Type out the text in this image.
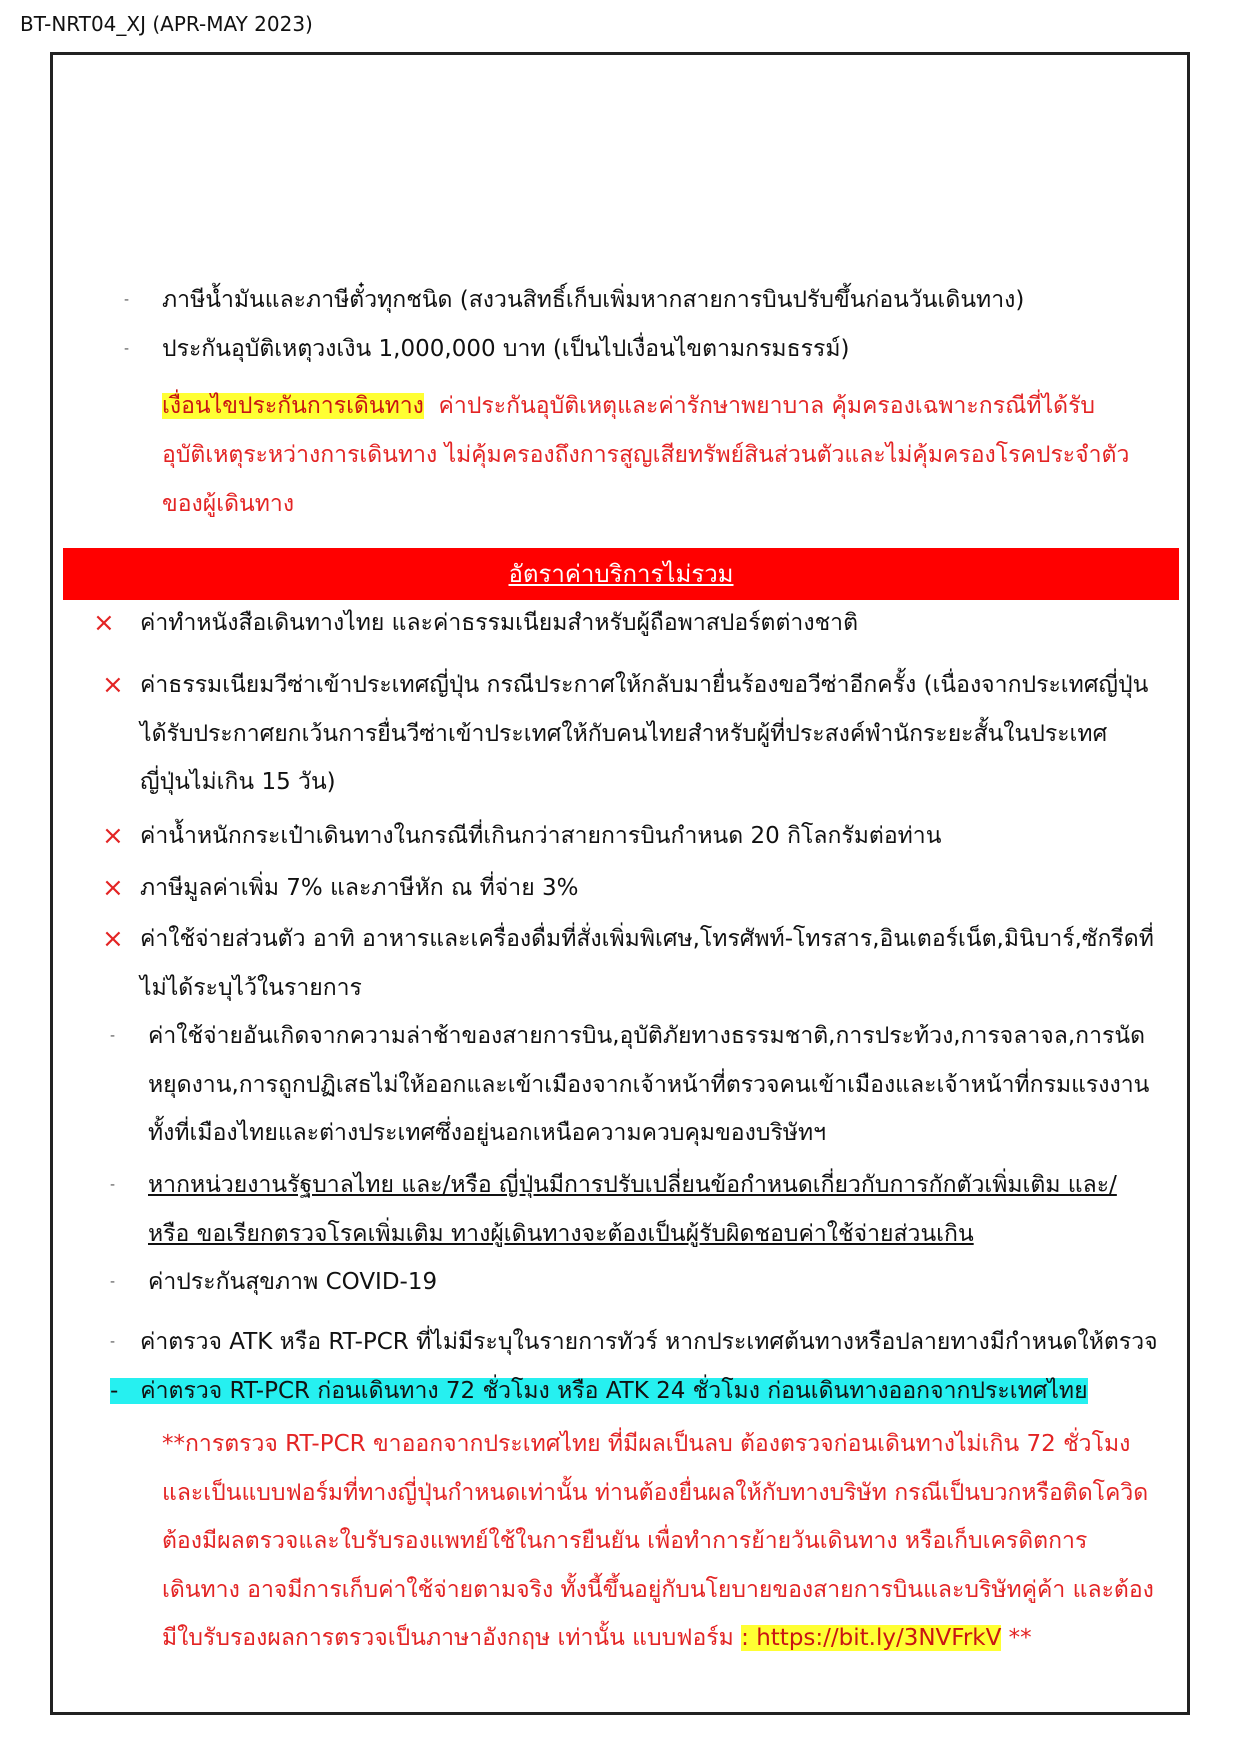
BT-NRT04_XJ (APR-MAY 2023)
- ภาษีน้ำมันและภาษีตั๋วทุกชนิด (สงวนสิทธิ์เก็บเพิ่มหากสายการบินปรับขึ้นก่อนวันเดินทาง)
- ประกันอุบัติเหตุวงเงิน 1,000,000 บาท (เป็นไปเงื่อนไขตามกรมธรรม์)
เงื่อนไขประกันการเดินทาง ค่าประกันอุบัติเหตุและค่ารักษาพยาบาล คุ้มครองเฉพาะกรณีที่ได้รับ
อุบัติเหตุระหว่างการเดินทาง ไม่คุ้มครองถึงการสูญเสียทรัพย์สินส่วนตัวและไม่คุ้มครองโรคประจำตัว
ของผู้เดินทาง
อัตราค่าบริการไม่รวม
× ค่าทำหนังสือเดินทางไทย และค่าธรรมเนียมสำหรับผู้ถือพาสปอร์ตต่างชาติ
× ค่าธรรมเนียมวีซ่าเข้าประเทศญี่ปุ่น กรณีประกาศให้กลับมายื่นร้องขอวีซ่าอีกครั้ง (เนื่องจากประเทศญี่ปุ่น
ได้รับประกาศยกเว้นการยื่นวีซ่าเข้าประเทศให้กับคนไทยสำหรับผู้ที่ประสงค์พำนักระยะสั้นในประเทศ
ญี่ปุ่นไม่เกิน 15 วัน)
× ค่าน้ำหนักกระเป๋าเดินทางในกรณีที่เกินกว่าสายการบินกำหนด 20 กิโลกรัมต่อท่าน
× ภาษีมูลค่าเพิ่ม 7% และภาษีหัก ณ ที่จ่าย 3%
× ค่าใช้จ่ายส่วนตัว อาทิ อาหารและเครื่องดื่มที่สั่งเพิ่มพิเศษ,โทรศัพท์-โทรสาร,อินเตอร์เน็ต,มินิบาร์,ซักรีดที่
ไม่ได้ระบุไว้ในรายการ
- ค่าใช้จ่ายอันเกิดจากความล่าช้าของสายการบิน,อุบัติภัยทางธรรมชาติ,การประท้วง,การจลาจล,การนัด
หยุดงาน,การถูกปฏิเสธไม่ให้ออกและเข้าเมืองจากเจ้าหน้าที่ตรวจคนเข้าเมืองและเจ้าหน้าที่กรมแรงงาน
ทั้งที่เมืองไทยและต่างประเทศซึ่งอยู่นอกเหนือความควบคุมของบริษัทฯ
- หากหน่วยงานรัฐบาลไทย และ/หรือ ญี่ปุ่นมีการปรับเปลี่ยนข้อกำหนดเกี่ยวกับการกักตัวเพิ่มเติม และ/
หรือ ขอเรียกตรวจโรคเพิ่มเติม ทางผู้เดินทางจะต้องเป็นผู้รับผิดชอบค่าใช้จ่ายส่วนเกิน
- ค่าประกันสุขภาพ COVID-19
- ค่าตรวจ ATK หรือ RT-PCR ที่ไม่มีระบุในรายการทัวร์ หากประเทศต้นทางหรือปลายทางมีกำหนดให้ตรวจ
- ค่าตรวจ RT-PCR ก่อนเดินทาง 72 ชั่วโมง หรือ ATK 24 ชั่วโมง ก่อนเดินทางออกจากประเทศไทย
**การตรวจ RT-PCR ขาออกจากประเทศไทย ที่มีผลเป็นลบ ต้องตรวจก่อนเดินทางไม่เกิน 72 ชั่วโมง
และเป็นแบบฟอร์มที่ทางญี่ปุ่นกำหนดเท่านั้น ท่านต้องยื่นผลให้กับทางบริษัท กรณีเป็นบวกหรือติดโควิด
ต้องมีผลตรวจและใบรับรองแพทย์ใช้ในการยืนยัน เพื่อทำการย้ายวันเดินทาง หรือเก็บเครดิตการ
เดินทาง อาจมีการเก็บค่าใช้จ่ายตามจริง ทั้งนี้ขึ้นอยู่กับนโยบายของสายการบินและบริษัทคู่ค้า และต้อง
มีใบรับรองผลการตรวจเป็นภาษาอังกฤษ เท่านั้น แบบฟอร์ม : https://bit.ly/3NVFrkV **
